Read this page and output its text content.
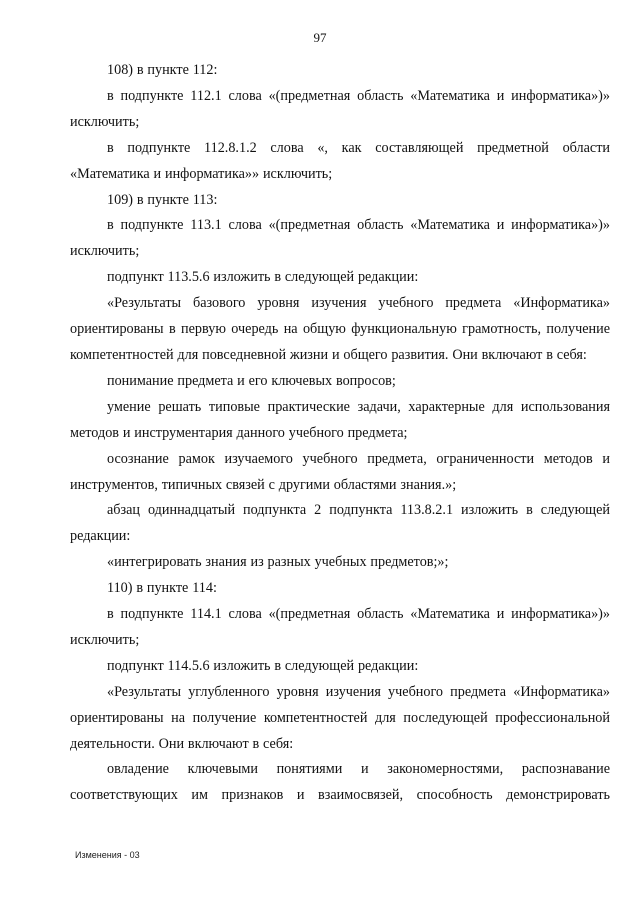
97

108) в пункте 112:

в подпункте 112.1 слова «(предметная область «Математика и информатика»)» исключить;

в подпункте 112.8.1.2 слова «, как составляющей предметной области «Математика и информатика»» исключить;

109) в пункте 113:

в подпункте 113.1 слова «(предметная область «Математика и информатика»)» исключить;

подпункт 113.5.6 изложить в следующей редакции:

«Результаты базового уровня изучения учебного предмета «Информатика» ориентированы в первую очередь на общую функциональную грамотность, получение компетентностей для повседневной жизни и общего развития. Они включают в себя:

понимание предмета и его ключевых вопросов;

умение решать типовые практические задачи, характерные для использования методов и инструментария данного учебного предмета;

осознание рамок изучаемого учебного предмета, ограниченности методов и инструментов, типичных связей с другими областями знания.»;

абзац одиннадцатый подпункта 2 подпункта 113.8.2.1 изложить в следующей редакции:

«интегрировать знания из разных учебных предметов;»;

110) в пункте 114:

в подпункте 114.1 слова «(предметная область «Математика и информатика»)» исключить;

подпункт 114.5.6 изложить в следующей редакции:

«Результаты углубленного уровня изучения учебного предмета «Информатика» ориентированы на получение компетентностей для последующей профессиональной деятельности. Они включают в себя:

овладение ключевыми понятиями и закономерностями, распознавание соответствующих им признаков и взаимосвязей, способность демонстрировать

Изменения - 03
